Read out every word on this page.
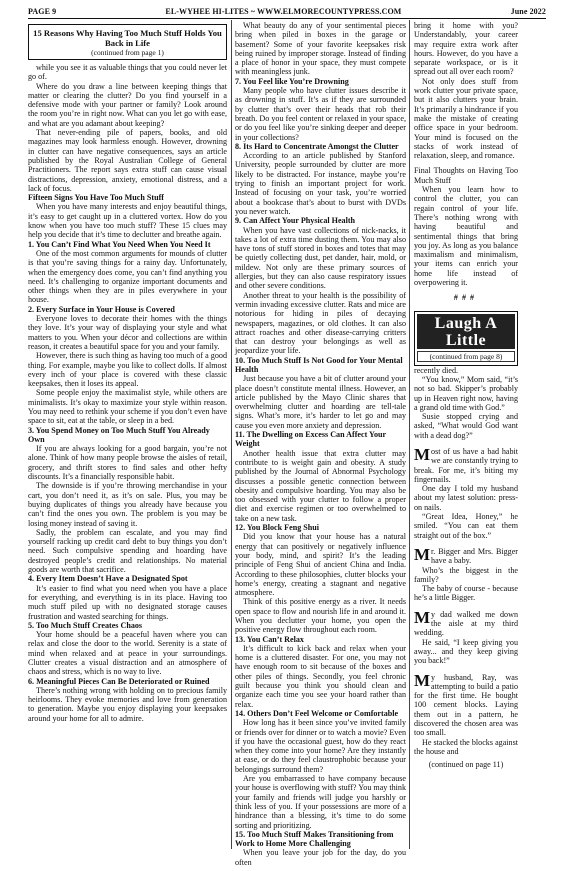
PAGE 9	EL-WYHEE HI-LITES ~ WWW.ELMORECOUNTYPRESS.COM	June 2022
15 Reasons Why Having Too Much Stuff Holds You Back in Life
(continued from page 1)

while you see it as valuable things that you could never let go of.

Where do you draw a line between keeping things that matter or clearing the clutter? Do you find yourself in a defensive mode with your partner or family? Look around the room you’re in right now. What can you let go with ease, and what are you adamant about keeping?

That never-ending pile of papers, books, and old magazines may look harmless enough. However, drowning in clutter can have negative consequences, says an article published by the Royal Australian College of General Practitioners. The report says extra stuff can cause visual distractions, depression, anxiety, emotional distress, and a lack of focus.

Fifteen Signs You Have Too Much Stuff

When you have many interests and enjoy beautiful things, it’s easy to get caught up in a cluttered vortex. How do you know when you have too much stuff? These 15 clues may help you decide that it’s time to declutter and breathe again.

1. You Can’t Find What You Need When You Need It

One of the most common arguments for mounds of clutter is that you’re saving things for a rainy day. Unfortunately, when the emergency does come, you can’t find anything you need. It’s challenging to organize important documents and other things when they are in piles everywhere in your house.

2. Every Surface in Your House is Covered

Everyone loves to decorate their homes with the things they love. It’s your way of displaying your style and what matters to you. When your décor and collections are within reason, it creates a beautiful space for you and your family.

However, there is such thing as having too much of a good thing. For example, maybe you like to collect dolls. If almost every inch of your place is covered with these classic keepsakes, then it loses its appeal.

Some people enjoy the maximalist style, while others are minimalists. It’s okay to maximize your style within reason. You may need to rethink your scheme if you don’t even have space to sit, eat at the table, or sleep in a bed.

3. You Spend Money on Too Much Stuff You Already Own

If you are always looking for a good bargain, you’re not alone. Think of how many people browse the aisles of retail, grocery, and thrift stores to find sales and other hefty discounts. It’s a financially responsible habit.

The downside is if you’re throwing merchandise in your cart, you don’t need it, as it’s on sale. Plus, you may be buying duplicates of things you already have because you can’t find the ones you own. The problem is you may be losing money instead of saving it.

Sadly, the problem can escalate, and you may find yourself racking up credit card debt to buy things you don’t need. Such compulsive spending and hoarding have destroyed people’s credit and relationships. No material goods are worth that sacrifice.

4. Every Item Doesn’t Have a Designated Spot

It’s easier to find what you need when you have a place for everything, and everything is in its place. Having too much stuff piled up with no designated storage causes frustration and wasted searching for things.

5. Too Much Stuff Creates Chaos

Your home should be a peaceful haven where you can relax and close the door to the world. Serenity is a state of mind when relaxed and at peace in your surroundings. Clutter creates a visual distraction and an atmosphere of chaos and stress, which is no way to live.

6. Meaningful Pieces Can Be Deteriorated or Ruined

There’s nothing wrong with holding on to precious family heirlooms. They evoke memories and love from generation to generation. Maybe you enjoy displaying your keepsakes around your home for all to admire.

What beauty do any of your sentimental pieces bring when piled in boxes in the garage or basement? Some of your favorite keepsakes risk being ruined by improper storage. Instead of finding a place of honor in your space, they must compete with meaningless junk.

7. You Feel like You’re Drowning

Many people who have clutter issues describe it as drowning in stuff. It’s as if they are surrounded by clutter that’s over their heads that rob their breath. Do you feel content or relaxed in your space, or do you feel like you’re sinking deeper and deeper in your collections?

8. Its Hard to Concentrate Amongst the Clutter

According to an article published by Stanford University, people surrounded by clutter are more likely to be distracted. For instance, maybe you’re trying to finish an important project for work. Instead of focusing on your task, you’re worried about a bookcase that’s about to burst with DVDs you never watch.

9. Can Affect Your Physical Health

When you have vast collections of nick-nacks, it takes a lot of extra time dusting them. You may also have tons of stuff stored in boxes and totes that may be quietly collecting dust, pet dander, hair, mold, or mildew. Not only are these primary sources of allergies, but they can also cause respiratory issues and other severe conditions.

Another threat to your health is the possibility of vermin invading excessive clutter. Rats and mice are notorious for hiding in piles of decaying newspapers, magazines, or old clothes. It can also attract roaches and other disease-carrying critters that can destroy your belongings as well as jeopardize your life.

10. Too Much Stuff Is Not Good for Your Mental Health

Just because you have a bit of clutter around your place doesn’t constitute mental illness. However, an article published by the Mayo Clinic shares that overwhelming clutter and hoarding are tell-tale signs. What’s more, it’s harder to let go and may cause you even more anxiety and depression.

11. The Dwelling on Excess Can Affect Your Weight

Another health issue that extra clutter may contribute to is weight gain and obesity. A study published by the Journal of Abnormal Psychology discusses a possible genetic connection between obesity and compulsive hoarding. You may also be too obsessed with your clutter to follow a proper diet and exercise regimen or too overwhelmed to take on a new task.

12. You Block Feng Shui

Did you know that your house has a natural energy that can positively or negatively influence your body, mind, and spirit? It’s the leading principle of Feng Shui of ancient China and India. According to these philosophies, clutter blocks your home’s energy, creating a stagnant and negative atmosphere.

Think of this positive energy as a river. It needs open space to flow and nourish life in and around it. When you declutter your home, you open the positive energy flow throughout each room.

13. You Can’t Relax

It’s difficult to kick back and relax when your home is a cluttered disaster. For one, you may not have enough room to sit because of the boxes and other piles of things. Secondly, you feel chronic guilt because you think you should clean and organize each time you see your hoard rather than relax.

14. Others Don’t Feel Welcome or Comfortable

How long has it been since you’ve invited family or friends over for dinner or to watch a movie? Even if you have the occasional guest, how do they react when they come into your home? Are they instantly at ease, or do they feel claustrophobic because your belongings surround them?

Are you embarrassed to have company because your house is overflowing with stuff? You may think your family and friends will judge you harshly or think less of you. If your possessions are more of a hindrance than a blessing, it’s time to do some sorting and prioritizing.

15. Too Much Stuff Makes Transitioning from Work to Home More Challenging

When you leave your job for the day, do you often

bring it home with you? Understandably, your career may require extra work after hours. However, do you have a separate workspace, or is it spread out all over each room?

Not only does stuff from work clutter your private space, but it also clutters your brain. It’s primarily a hindrance if you make the mistake of creating office space in your bedroom. Your mind is focused on the stacks of work instead of relaxation, sleep, and romance.

Final Thoughts on Having Too Much Stuff

When you learn how to control the clutter, you can regain control of your life. There’s nothing wrong with having beautiful and sentimental things that bring you joy. As long as you balance maximalism and minimalism, your items can enrich your home life instead of overpowering it.

###
Laugh A Little
(continued from page 8)

recently died.

“You know,” Mom said, “it’s not so bad. Skipper’s probably up in Heaven right now, having a grand old time with God.”

Susie stopped crying and asked, “What would God want with a dead dog?”

Most of us have a bad habit we are constantly trying to break. For me, it’s biting my fingernails.

One day I told my husband about my latest solution: press-on nails.

“Great Idea, Honey,” he smiled. “You can eat them straight out of the box.”

Mr. Bigger and Mrs. Bigger have a baby.

Who’s the biggest in the family?

The baby of course - because he’s a little Bigger.

My dad walked me down the aisle at my third wedding.

He said, “I keep giving you away... and they keep giving you back!”

My husband, Ray, was attempting to build a patio for the first time. He bought 100 cement blocks. Laying them out in a pattern, he discovered the chosen area was too small.

He stacked the blocks against the house and

(continued on page 11)
